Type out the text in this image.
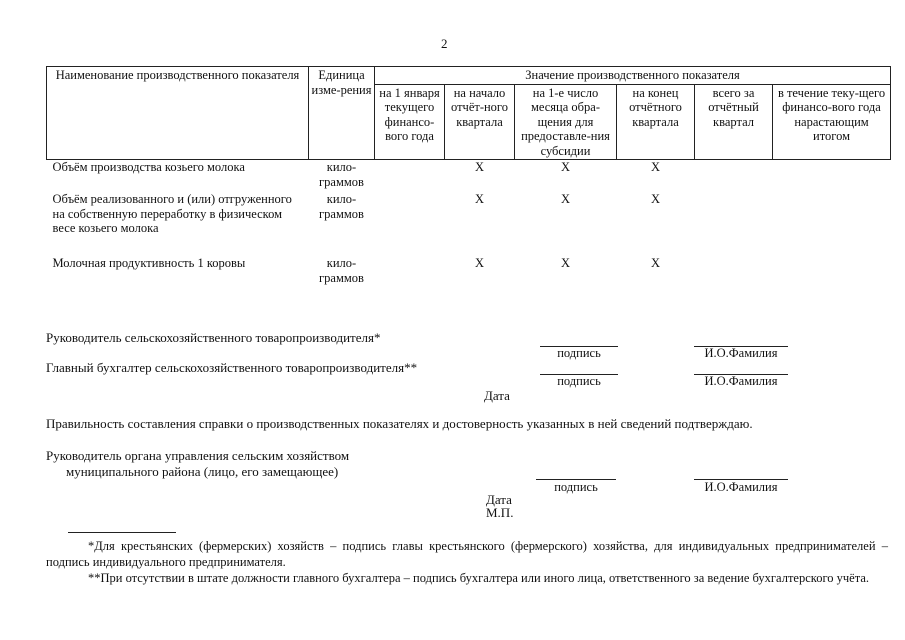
2
Наименование производственного показателя	Единица изме-рения	Значение производственного показателя					
		на 1 января текущего финансо-вого года	на начало отчёт-ного квартала	на 1-е число месяца обра-щения для предоставле-ния субсидии	на конец отчётного квартала	всего за отчётный квартал	в течение теку-щего финансо-вого года нарастающим итогом
Объём производства козьего молока	кило-граммов		Х	Х	Х		
Объём реализованного и (или) отгруженного на собственную переработку в физическом весе козьего молока	кило-граммов		Х	Х	Х		
Молочная продуктивность 1 коровы	кило-граммов		Х	Х	Х		
Руководитель сельскохозяйственного товаропроизводителя*
подпись	И.О.Фамилия
Главный бухгалтер сельскохозяйственного товаропроизводителя**
подпись	И.О.Фамилия
Дата
Правильность составления справки о производственных показателях и достоверность указанных в ней сведений подтверждаю.
Руководитель органа управления сельским хозяйством
муниципального района (лицо, его замещающее)
подпись	И.О.Фамилия
Дата
М.П.
*Для крестьянских (фермерских) хозяйств – подпись главы крестьянского (фермерского) хозяйства, для индивидуальных предпринимателей – подпись индивидуального предпринимателя.
**При отсутствии в штате должности главного бухгалтера – подпись бухгалтера или иного лица, ответственного за ведение бухгалтерского учёта.
